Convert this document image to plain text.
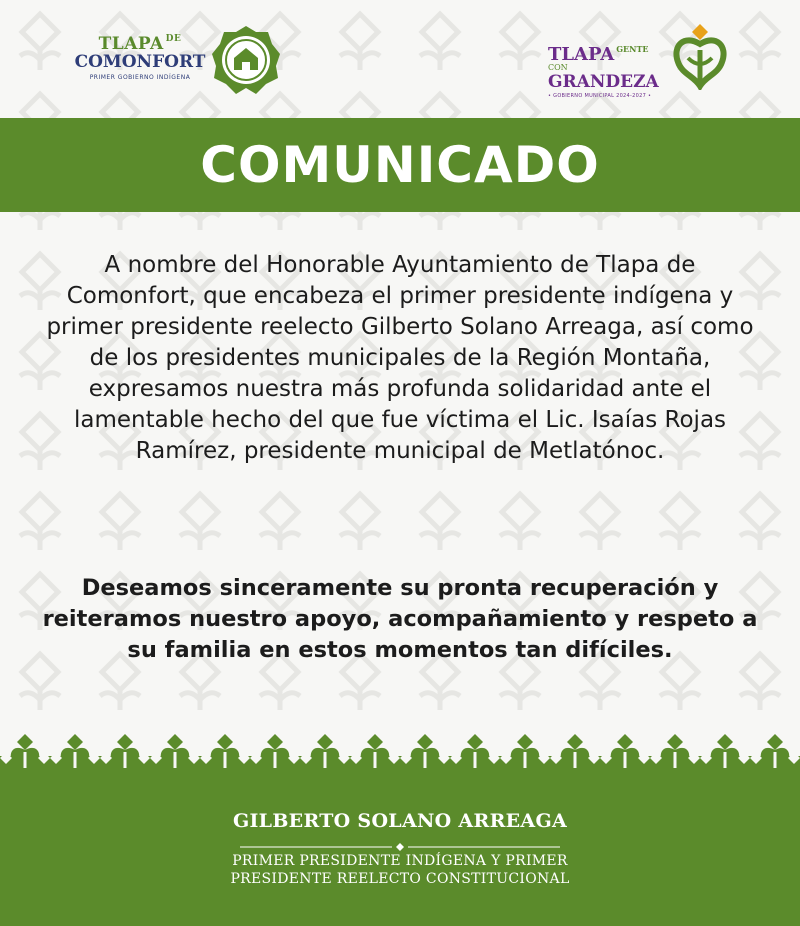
TLAPA $^{DE}$
COMONFORT
PRIMER GOBIERNO INDÍGENA
TLAPA $^{GENTE}$
CON GRANDEZA
• GOBIERNO MUNICIPAL 2024-2027 •
COMUNICADO
A nombre del Honorable Ayuntamiento de Tlapa de Comonfort, que encabeza el primer presidente indígena y primer presidente reelecto Gilberto Solano Arreaga, así como de los presidentes municipales de la Región Montaña, expresamos nuestra más profunda solidaridad ante el lamentable hecho del que fue víctima el Lic. Isaías Rojas Ramírez, presidente municipal de Metlatónoc.
Deseamos sinceramente su pronta recuperación y reiteramos nuestro apoyo, acompañamiento y respeto a su familia en estos momentos tan difíciles.
GILBERTO SOLANO ARREAGA
PRIMER PRESIDENTE INDÍGENA Y PRIMER
PRESIDENTE REELECTO CONSTITUCIONAL
